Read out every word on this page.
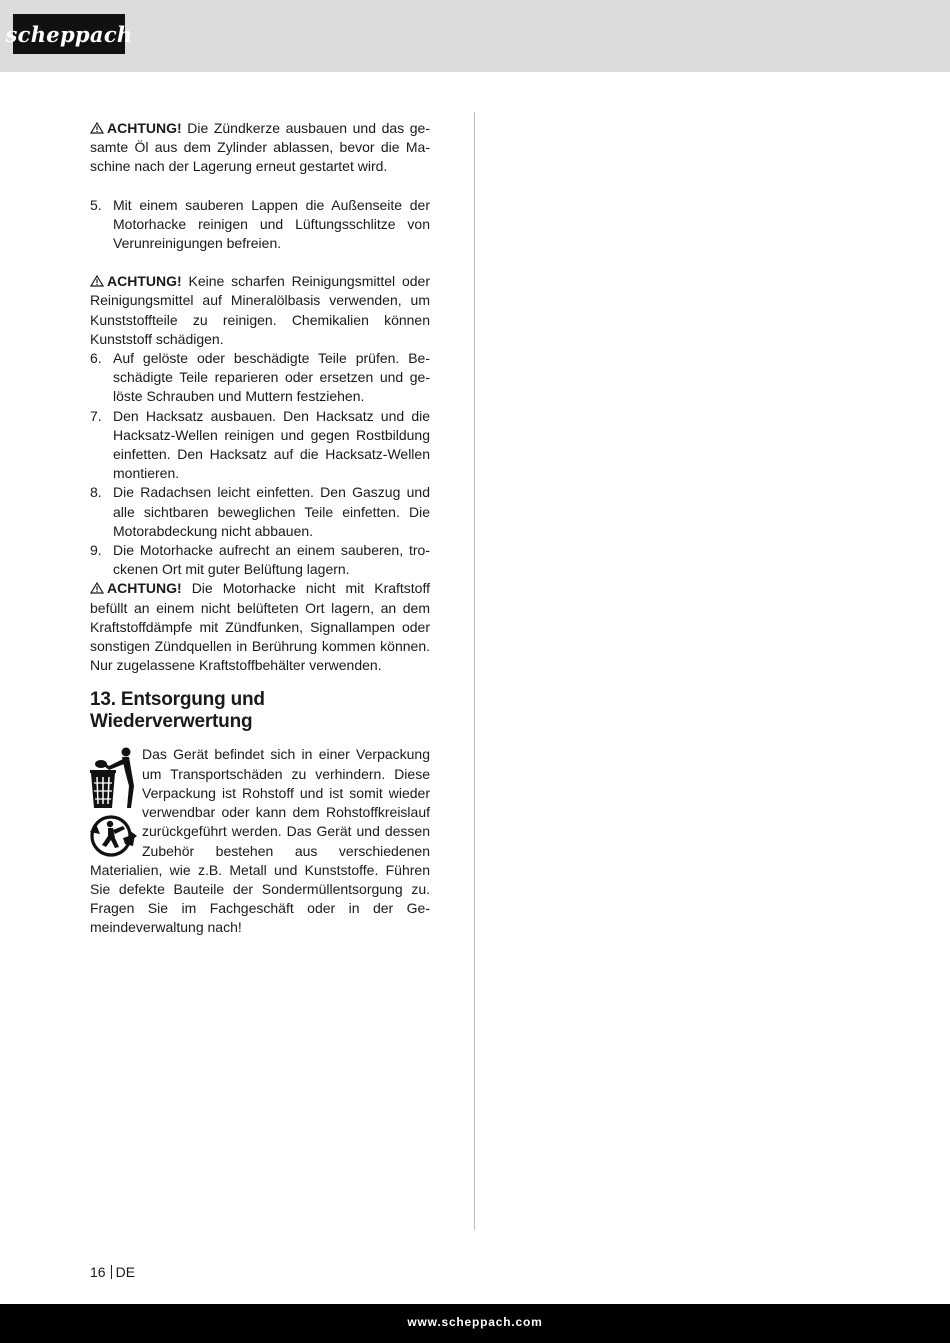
scheppach

ACHTUNG! Die Zündkerze ausbauen und das gesamte Öl aus dem Zylinder ablassen, bevor die Maschine nach der Lagerung erneut gestartet wird.

5. Mit einem sauberen Lappen die Außenseite der Motorhacke reinigen und Lüftungsschlitze von Verunreinigungen befreien.

ACHTUNG! Keine scharfen Reinigungsmittel oder Reinigungsmittel auf Mineralölbasis verwenden, um Kunststoffteile zu reinigen. Chemikalien können Kunststoff schädigen.

6. Auf gelöste oder beschädigte Teile prüfen. Beschädigte Teile reparieren oder ersetzen und gelöste Schrauben und Muttern festziehen.
7. Den Hacksatz ausbauen. Den Hacksatz und die Hacksatz-Wellen reinigen und gegen Rostbildung einfetten. Den Hacksatz auf die Hacksatz-Wellen montieren.
8. Die Radachsen leicht einfetten. Den Gaszug und alle sichtbaren beweglichen Teile einfetten. Die Motorabdeckung nicht abbauen.
9. Die Motorhacke aufrecht an einem sauberen, trockenen Ort mit guter Belüftung lagern.

ACHTUNG! Die Motorhacke nicht mit Kraftstoff befüllt an einem nicht belüfteten Ort lagern, an dem Kraftstoffdämpfe mit Zündfunken, Signallampen oder sonstigen Zündquellen in Berührung kommen können. Nur zugelassene Kraftstoffbehälter verwenden.

13. Entsorgung und Wiederverwertung

Das Gerät befindet sich in einer Verpackung um Transportschäden zu verhindern. Diese Verpackung ist Rohstoff und ist somit wieder verwendbar oder kann dem Rohstoffkreislauf zurückgeführt werden. Das Gerät und dessen Zubehör bestehen aus verschiedenen Materialien, wie z.B. Metall und Kunststoffe. Führen Sie defekte Bauteile der Sondermüllentsorgung zu. Fragen Sie im Fachgeschäft oder in der Gemeindeverwaltung nach!

16 DE
www.scheppach.com
